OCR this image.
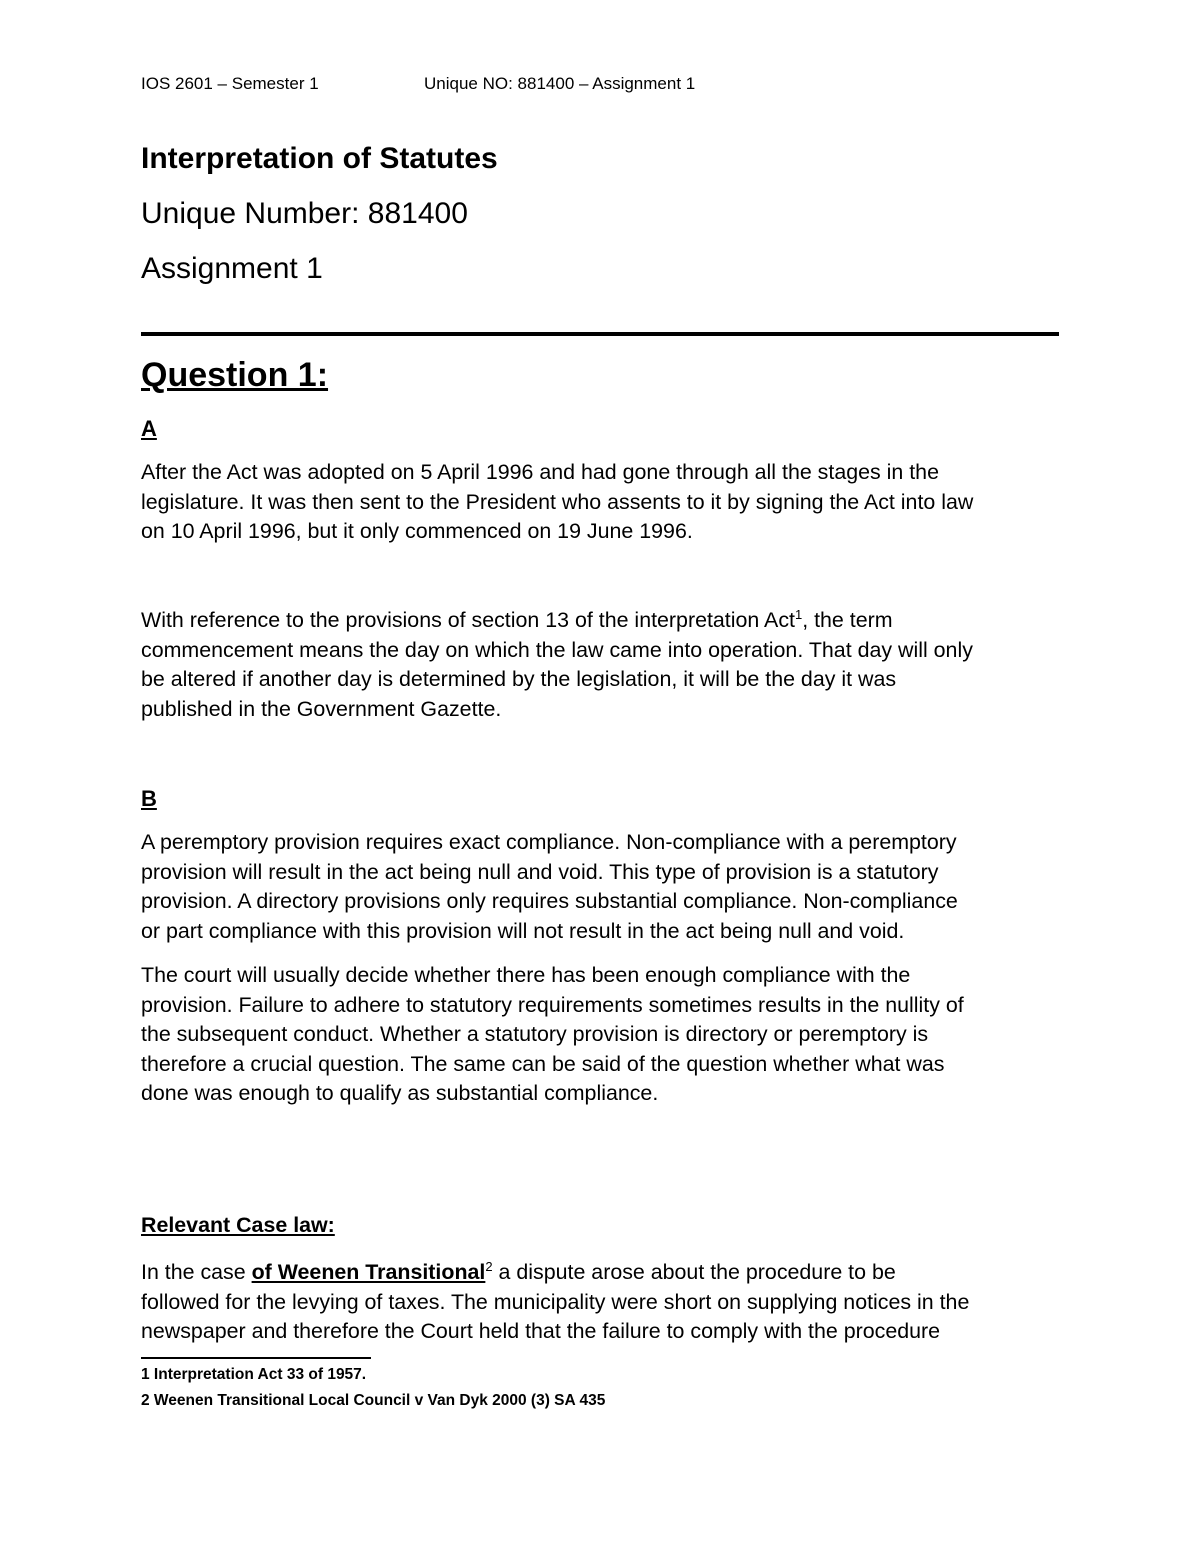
IOS 2601 – Semester 1	Unique NO: 881400 – Assignment 1
Interpretation of Statutes
Unique Number: 881400
Assignment 1
Question 1:
A

After the Act was adopted on 5 April 1996 and had gone through all the stages in the
legislature. It was then sent to the President who assents to it by signing the Act into law
on 10 April 1996, but it only commenced on 19 June 1996.

With reference to the provisions of section 13 of the interpretation Act$^1$, the term
commencement means the day on which the law came into operation. That day will only
be altered if another day is determined by the legislation, it will be the day it was
published in the Government Gazette.

B

A peremptory provision requires exact compliance. Non-compliance with a peremptory
provision will result in the act being null and void. This type of provision is a statutory
provision. A directory provisions only requires substantial compliance. Non-compliance
or part compliance with this provision will not result in the act being null and void.

The court will usually decide whether there has been enough compliance with the
provision. Failure to adhere to statutory requirements sometimes results in the nullity of
the subsequent conduct. Whether a statutory provision is directory or peremptory is
therefore a crucial question. The same can be said of the question whether what was
done was enough to qualify as substantial compliance.

Relevant Case law:

In the case of Weenen Transitional$^2$ a dispute arose about the procedure to be
followed for the levying of taxes. The municipality were short on supplying notices in the
newspaper and therefore the Court held that the failure to comply with the procedure

1 Interpretation Act 33 of 1957.
2 Weenen Transitional Local Council v Van Dyk 2000 (3) SA 435
